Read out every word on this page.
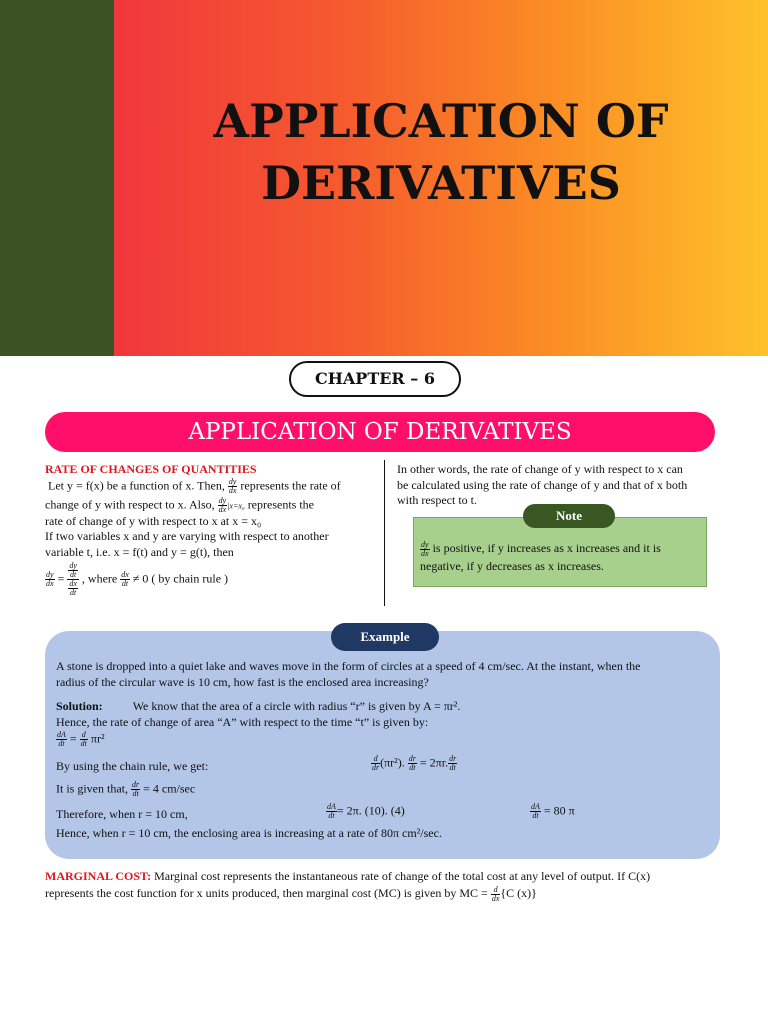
APPLICATION OF
DERIVATIVES
CHAPTER – 6
APPLICATION OF DERIVATIVES
RATE OF CHANGES OF QUANTITIES
Let y = f(x) be a function of x. Then, $\frac{dy}{dx}$ represents the rate of
change of y with respect to x. Also, $\frac{dy}{dx} |x=x_0$ represents the
rate of change of y with respect to x at x = x₀
If two variables x and y are varying with respect to another
variable t, i.e. x = f(t) and y = g(t), then
$\frac{dy}{dx} = \frac{\frac{dy}{dt}}{\frac{dx}{dt}}$ , where $\frac{dx}{dt} \ne 0$ ( by chain rule )
In other words, the rate of change of y with respect to x can
be calculated using the rate of change of y and that of x both
with respect to t.
Note
$\frac{dy}{dx}$ is positive, if y increases as x increases and it is
negative, if y decreases as x increases.
Example
A stone is dropped into a quiet lake and waves move in the form of circles at a speed of 4 cm/sec. At the instant, when the
radius of the circular wave is 10 cm, how fast is the enclosed area increasing?
Solution:	We know that the area of a circle with radius “r” is given by A = πr².
Hence, the rate of change of area “A” with respect to the time “t” is given by:
$\frac{dA}{dt} = \frac{d}{dt} \pi r^2$
By using the chain rule, we get:	$\frac{d}{dr} (\pi r^2)$. $\frac{dr}{dt} = 2\pi r$. $\frac{dr}{dt}$
It is given that, $\frac{dr}{dt} = 4$ cm/sec
Therefore, when r = 10 cm,	$\frac{dA}{dt} = 2\pi$. (10). (4)	$\frac{dA}{dt} = 80$ π
Hence, when r = 10 cm, the enclosing area is increasing at a rate of 80π cm²/sec.
MARGINAL COST: Marginal cost represents the instantaneous rate of change of the total cost at any level of output. If C(x)
represents the cost function for x units produced, then marginal cost (MC) is given by MC = $\frac{d}{dx} \{C$ (x)}
